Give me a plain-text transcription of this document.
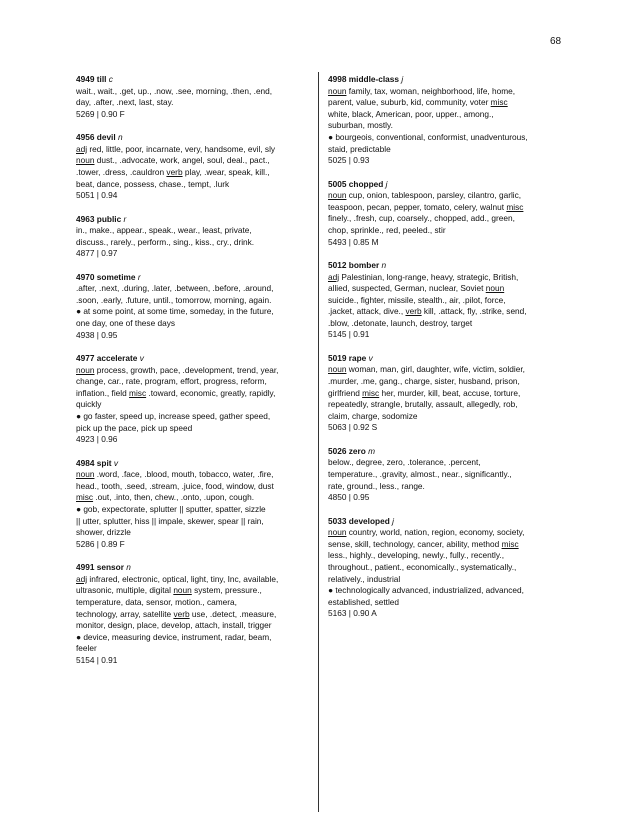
68
4949 till c
wait., wait., .get, up., .now, .see, morning, .then, .end,
day, .after, .next, last, stay.
5269 | 0.90 F
4956 devil n
adj red, little, poor, incarnate, very, handsome, evil, sly
noun dust., .advocate, work, angel, soul, deal., pact.,
.tower, .dress, .cauldron verb play, .wear, speak, kill.,
beat, dance, possess, chase., tempt, .lurk
5051 | 0.94
4963 public r
in., make., appear., speak., wear., least, private,
discuss., rarely., perform., sing., kiss., cry., drink.
4877 | 0.97
4970 sometime r
.after, .next, .during, .later, .between, .before, .around,
.soon, .early, .future, until., tomorrow, morning, again.
● at some point, at some time, someday, in the future,
one day, one of these days
4938 | 0.95
4977 accelerate v
noun process, growth, pace, .development, trend, year,
change, car., rate, program, effort, progress, reform,
inflation., field misc .toward, economic, greatly, rapidly,
quickly
● go faster, speed up, increase speed, gather speed,
pick up the pace, pick up speed
4923 | 0.96
4984 spit v
noun .word, .face, .blood, mouth, tobacco, water, .fire,
head., tooth, .seed, .stream, .juice, food, window, dust
misc .out, .into, then, chew., .onto, .upon, cough.
● gob, expectorate, splutter || sputter, spatter, sizzle
|| utter, splutter, hiss || impale, skewer, spear || rain,
shower, drizzle
5286 | 0.89 F
4991 sensor n
adj infrared, electronic, optical, light, tiny, Inc, available,
ultrasonic, multiple, digital noun system, pressure.,
temperature, data, sensor, motion., camera,
technology, array, satellite verb use, .detect, .measure,
monitor, design, place, develop, attach, install, trigger
● device, measuring device, instrument, radar, beam,
feeler
5154 | 0.91
4998 middle-class j
noun family, tax, woman, neighborhood, life, home,
parent, value, suburb, kid, community, voter misc
white, black, American, poor, upper., among.,
suburban, mostly.
● bourgeois, conventional, conformist, unadventurous,
staid, predictable
5025 | 0.93
5005 chopped j
noun cup, onion, tablespoon, parsley, cilantro, garlic,
teaspoon, pecan, pepper, tomato, celery, walnut misc
finely., .fresh, cup, coarsely., chopped, add., green,
chop, sprinkle., red, peeled., stir
5493 | 0.85 M
5012 bomber n
adj Palestinian, long-range, heavy, strategic, British,
allied, suspected, German, nuclear, Soviet noun
suicide., fighter, missile, stealth., air, .pilot, force,
.jacket, attack, dive., verb kill, .attack, fly, .strike, send,
.blow, .detonate, launch, destroy, target
5145 | 0.91
5019 rape v
noun woman, man, girl, daughter, wife, victim, soldier,
.murder, .me, gang., charge, sister, husband, prison,
girlfriend misc her, murder, kill, beat, accuse, torture,
repeatedly, strangle, brutally, assault, allegedly, rob,
claim, charge, sodomize
5063 | 0.92 S
5026 zero m
below., degree, zero, .tolerance, .percent,
temperature., .gravity, almost., near., significantly.,
rate, ground., less., range.
4850 | 0.95
5033 developed j
noun country, world, nation, region, economy, society,
sense, skill, technology, cancer, ability, method misc
less., highly., developing, newly., fully., recently.,
throughout., patient., economically., systematically.,
relatively., industrial
● technologically advanced, industrialized, advanced,
established, settled
5163 | 0.90 A
